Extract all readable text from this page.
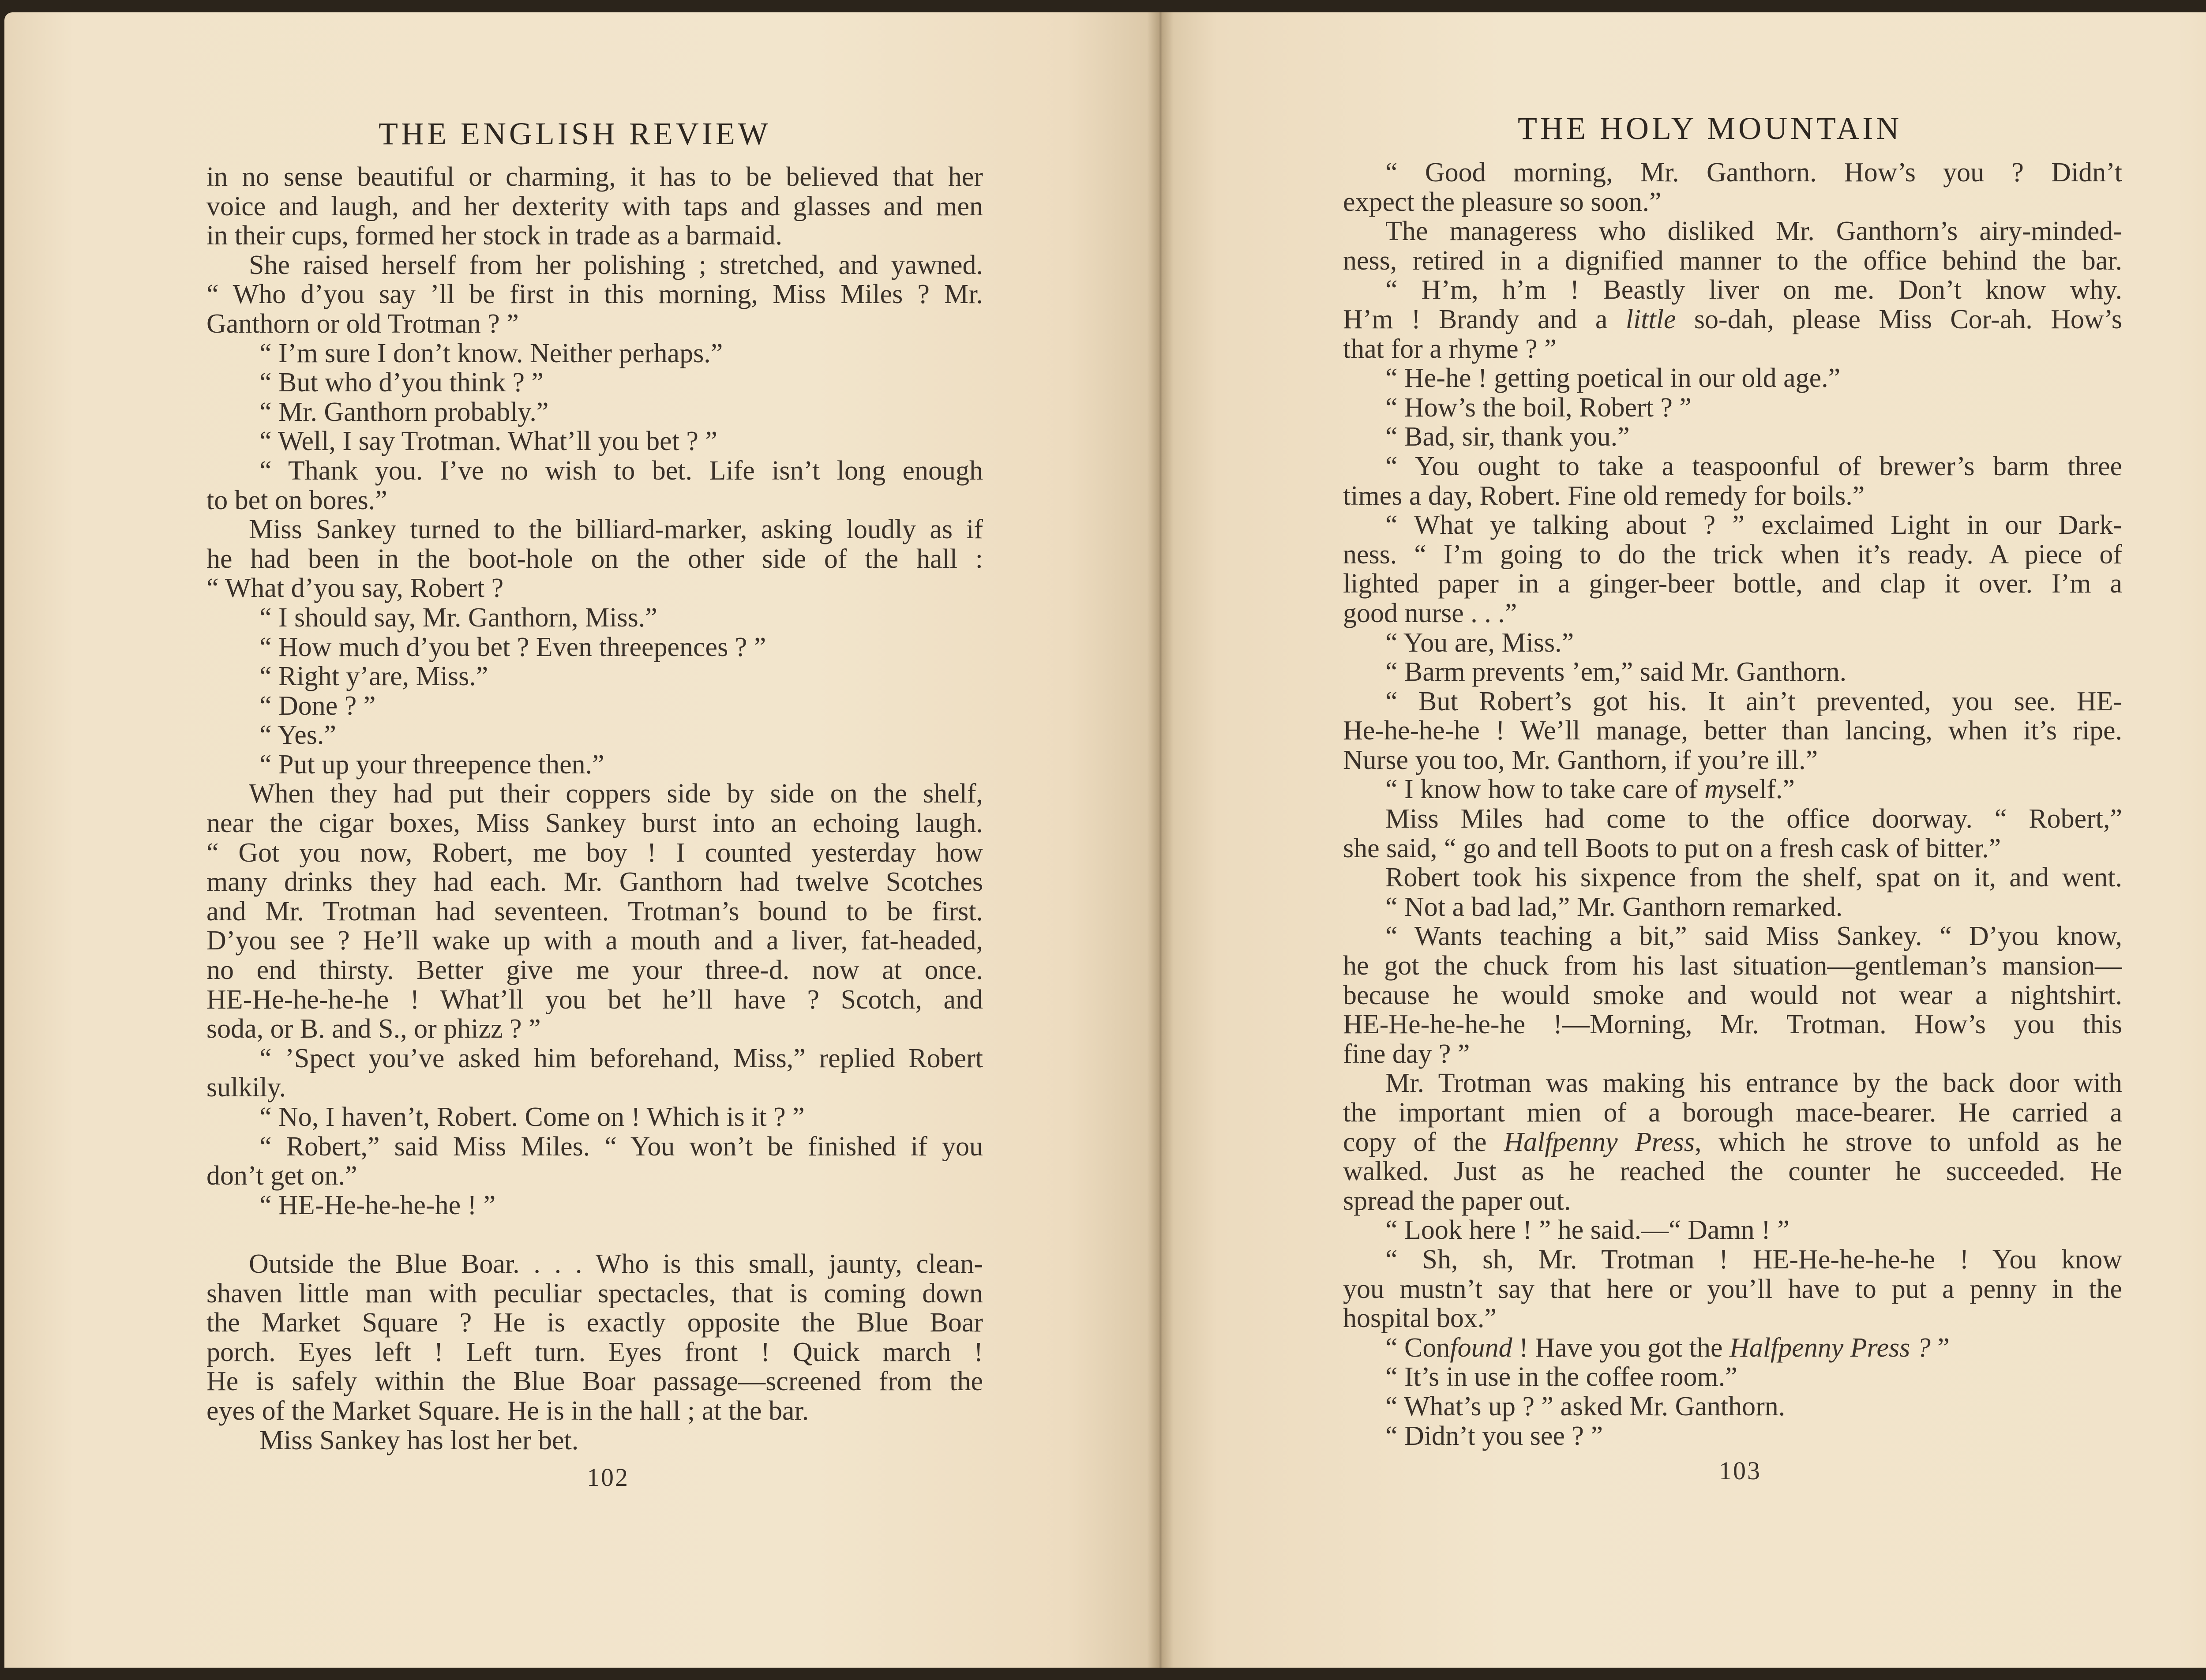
THE ENGLISH REVIEW
in no sense beautiful or charming, it has to be believed that her
voice and laugh, and her dexterity with taps and glasses and men
in their cups, formed her stock in trade as a barmaid.
She raised herself from her polishing ; stretched, and yawned.
“ Who d’you say ’ll be first in this morning, Miss Miles ? Mr.
Ganthorn or old Trotman ? ”
“ I’m sure I don’t know. Neither perhaps.”
“ But who d’you think ? ”
“ Mr. Ganthorn probably.”
“ Well, I say Trotman. What’ll you bet ? ”
“ Thank you. I’ve no wish to bet. Life isn’t long enough
to bet on bores.”
Miss Sankey turned to the billiard-marker, asking loudly as if
he had been in the boot-hole on the other side of the hall :
“ What d’you say, Robert ?
“ I should say, Mr. Ganthorn, Miss.”
“ How much d’you bet ? Even threepences ? ”
“ Right y’are, Miss.”
“ Done ? ”
“ Yes.”
“ Put up your threepence then.”
When they had put their coppers side by side on the shelf,
near the cigar boxes, Miss Sankey burst into an echoing laugh.
“ Got you now, Robert, me boy ! I counted yesterday how
many drinks they had each. Mr. Ganthorn had twelve Scotches
and Mr. Trotman had seventeen. Trotman’s bound to be first.
D’you see ? He’ll wake up with a mouth and a liver, fat-headed,
no end thirsty. Better give me your three-d. now at once.
HE-He-he-he-he ! What’ll you bet he’ll have ? Scotch, and
soda, or B. and S., or phizz ? ”
“ ’Spect you’ve asked him beforehand, Miss,” replied Robert
sulkily.
“ No, I haven’t, Robert. Come on ! Which is it ? ”
“ Robert,” said Miss Miles. “ You won’t be finished if you
don’t get on.”
“ HE-He-he-he-he ! ”
Outside the Blue Boar. . . . Who is this small, jaunty, clean-
shaven little man with peculiar spectacles, that is coming down
the Market Square ? He is exactly opposite the Blue Boar
porch. Eyes left ! Left turn. Eyes front ! Quick march !
He is safely within the Blue Boar passage—screened from the
eyes of the Market Square. He is in the hall ; at the bar.
Miss Sankey has lost her bet.
102
THE HOLY MOUNTAIN
“ Good morning, Mr. Ganthorn. How’s you ? Didn’t
expect the pleasure so soon.”
The manageress who disliked Mr. Ganthorn’s airy-minded-
ness, retired in a dignified manner to the office behind the bar.
“ H’m, h’m ! Beastly liver on me. Don’t know why.
H’m ! Brandy and a little so-dah, please Miss Cor-ah. How’s
that for a rhyme ? ”
“ He-he ! getting poetical in our old age.”
“ How’s the boil, Robert ? ”
“ Bad, sir, thank you.”
“ You ought to take a teaspoonful of brewer’s barm three
times a day, Robert. Fine old remedy for boils.”
“ What ye talking about ? ” exclaimed Light in our Dark-
ness. “ I’m going to do the trick when it’s ready. A piece of
lighted paper in a ginger-beer bottle, and clap it over. I’m a
good nurse . . .”
“ You are, Miss.”
“ Barm prevents ’em,” said Mr. Ganthorn.
“ But Robert’s got his. It ain’t prevented, you see. HE-
He-he-he-he ! We’ll manage, better than lancing, when it’s ripe.
Nurse you too, Mr. Ganthorn, if you’re ill.”
“ I know how to take care of myself.”
Miss Miles had come to the office doorway. “ Robert,”
she said, “ go and tell Boots to put on a fresh cask of bitter.”
Robert took his sixpence from the shelf, spat on it, and went.
“ Not a bad lad,” Mr. Ganthorn remarked.
“ Wants teaching a bit,” said Miss Sankey. “ D’you know,
he got the chuck from his last situation—gentleman’s mansion—
because he would smoke and would not wear a nightshirt.
HE-He-he-he-he !—Morning, Mr. Trotman. How’s you this
fine day ? ”
Mr. Trotman was making his entrance by the back door with
the important mien of a borough mace-bearer. He carried a
copy of the Halfpenny Press, which he strove to unfold as he
walked. Just as he reached the counter he succeeded. He
spread the paper out.
“ Look here ! ” he said.—“ Damn ! ”
“ Sh, sh, Mr. Trotman ! HE-He-he-he-he ! You know
you mustn’t say that here or you’ll have to put a penny in the
hospital box.”
“ Confound ! Have you got the Halfpenny Press ? ”
“ It’s in use in the coffee room.”
“ What’s up ? ” asked Mr. Ganthorn.
“ Didn’t you see ? ”
103
